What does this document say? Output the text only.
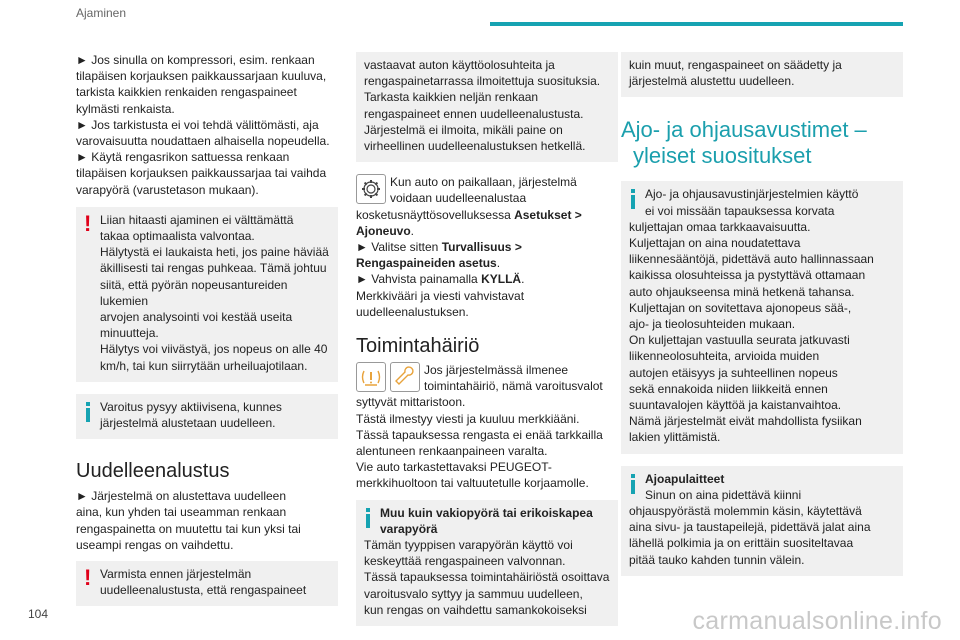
Ajaminen
► Jos sinulla on kompressori, esim. renkaan
tilapäisen korjauksen paikkaussarjaan kuuluva,
tarkista kaikkien renkaiden rengaspaineet
kylmästi renkaista.
► Jos tarkistusta ei voi tehdä välittömästi, aja
varovaisuutta noudattaen alhaisella nopeudella.
► Käytä rengasrikon sattuessa renkaan
tilapäisen korjauksen paikkaussarjaa tai vaihda
varapyörä (varustetason mukaan).
! Liian hitaasti ajaminen ei välttämättä
takaa optimaalista valvontaa.
Hälytystä ei laukaista heti, jos paine häviää
äkillisesti tai rengas puhkeaa. Tämä johtuu
siitä, että pyörän nopeusantureiden lukemien
arvojen analysointi voi kestää useita
minuutteja.
Hälytys voi viivästyä, jos nopeus on alle 40
km/h, tai kun siirrytään urheiluajotilaan.
Varoitus pysyy aktiivisena, kunnes
järjestelmä alustetaan uudelleen.
Uudelleenalustus
► Järjestelmä on alustettava uudelleen
aina, kun yhden tai useamman renkaan
rengaspainetta on muutettu tai kun yksi tai
useampi rengas on vaihdettu.
! Varmista ennen järjestelmän
uudelleenalustusta, että rengaspaineet
vastaavat auton käyttöolosuhteita ja
rengaspainetarrassa ilmoitettuja suosituksia.
Tarkasta kaikkien neljän renkaan
rengaspaineet ennen uudelleenalustusta.
Järjestelmä ei ilmoita, mikäli paine on
virheellinen uudelleenalustuksen hetkellä.
Kun auto on paikallaan, järjestelmä
voidaan uudelleenalustaa
kosketusnäyttösovelluksessa Asetukset >
Ajoneuvo.
► Valitse sitten Turvallisuus >
Rengaspaineiden asetus.
► Vahvista painamalla KYLLÄ.
Merkkivääri ja viesti vahvistavat
uudelleenalustuksen.
Toimintahäiriö
Jos järjestelmässä ilmenee
toimintahäiriö, nämä varoitusvalot
syttyvät mittaristoon.
Tästä ilmestyy viesti ja kuuluu merkkiääni.
Tässä tapauksessa rengasta ei enää tarkkailla
alentuneen renkaanpaineen varalta.
Vie auto tarkastettavaksi PEUGEOT-
merkkihuoltoon tai valtuutetulle korjaamolle.
Muu kuin vakiopyörä tai erikoiskapea
varapyörä
Tämän tyyppisen varapyörän käyttö voi
keskeyttää rengaspaineen valvonnan.
Tässä tapauksessa toimintahäiriöstä osoittava
varoitusvalo syttyy ja sammuu uudelleen,
kun rengas on vaihdettu samankokoiseksi
kuin muut, rengaspaineet on säädetty ja
järjestelmä alustettu uudelleen.
Ajo- ja ohjausavustimet –
yleiset suositukset
Ajo- ja ohjausavustinjärjestelmien käyttö
ei voi missään tapauksessa korvata
kuljettajan omaa tarkkaavaisuutta.
Kuljettajan on aina noudatettava
liikennesääntöjä, pidettävä auto hallinnassaan
kaikissa olosuhteissa ja pystyttävä ottamaan
auto ohjaukseensa minä hetkenä tahansa.
Kuljettajan on sovitettava ajonopeus sää-,
ajo- ja tieolosuhteiden mukaan.
On kuljettajan vastuulla seurata jatkuvasti
liikenneolosuhteita, arvioida muiden
autojen etäisyys ja suhteellinen nopeus
sekä ennakoida niiden liikkeitä ennen
suuntavalojen käyttöä ja kaistanvaihtoa.
Nämä järjestelmät eivät mahdollista fysiikan
lakien ylittämistä.
Ajoapulaitteet
Sinun on aina pidettävä kiinni
ohjauspyörästä molemmin käsin, käytettävä
aina sivu- ja taustapeilejä, pidettävä jalat aina
lähellä polkimia ja on erittäin suositeltavaa
pitää tauko kahden tunnin välein.
104	carmanualsonline.info
